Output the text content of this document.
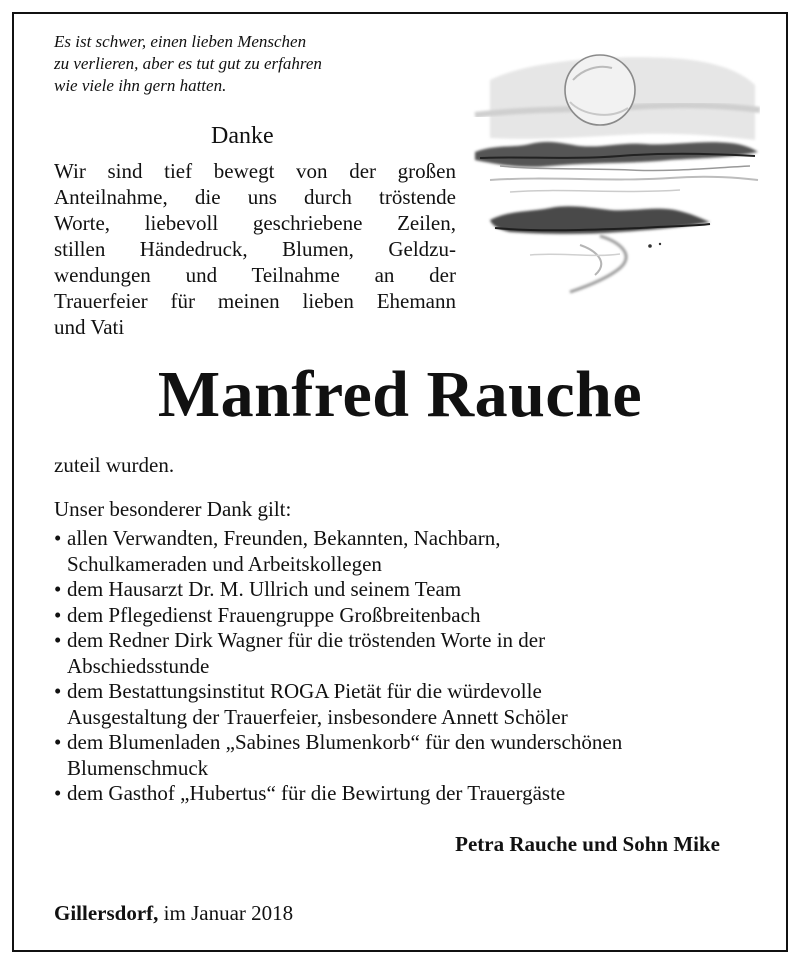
Es ist schwer, einen lieben Menschen
zu verlieren, aber es tut gut zu erfahren
wie viele ihn gern hatten.
Danke
Wir sind tief bewegt von der großen
Anteilnahme, die uns durch tröstende
Worte, liebevoll geschriebene Zeilen,
stillen Händedruck, Blumen, Geldzu-
wendungen und Teilnahme an der
Trauerfeier für meinen lieben Ehemann
und Vati
Manfred Rauche
zuteil wurden.
Unser besonderer Dank gilt:
• allen Verwandten, Freunden, Bekannten, Nachbarn,
Schulkameraden und Arbeitskollegen
• dem Hausarzt Dr. M. Ullrich und seinem Team
• dem Pflegedienst Frauengruppe Großbreitenbach
• dem Redner Dirk Wagner für die tröstenden Worte in der
Abschiedsstunde
• dem Bestattungsinstitut ROGA Pietät für die würdevolle
Ausgestaltung der Trauerfeier, insbesondere Annett Schöler
• dem Blumenladen „Sabines Blumenkorb“ für den wunderschönen
Blumenschmuck
• dem Gasthof „Hubertus“ für die Bewirtung der Trauergäste
Petra Rauche und Sohn Mike
Gillersdorf, im Januar 2018
